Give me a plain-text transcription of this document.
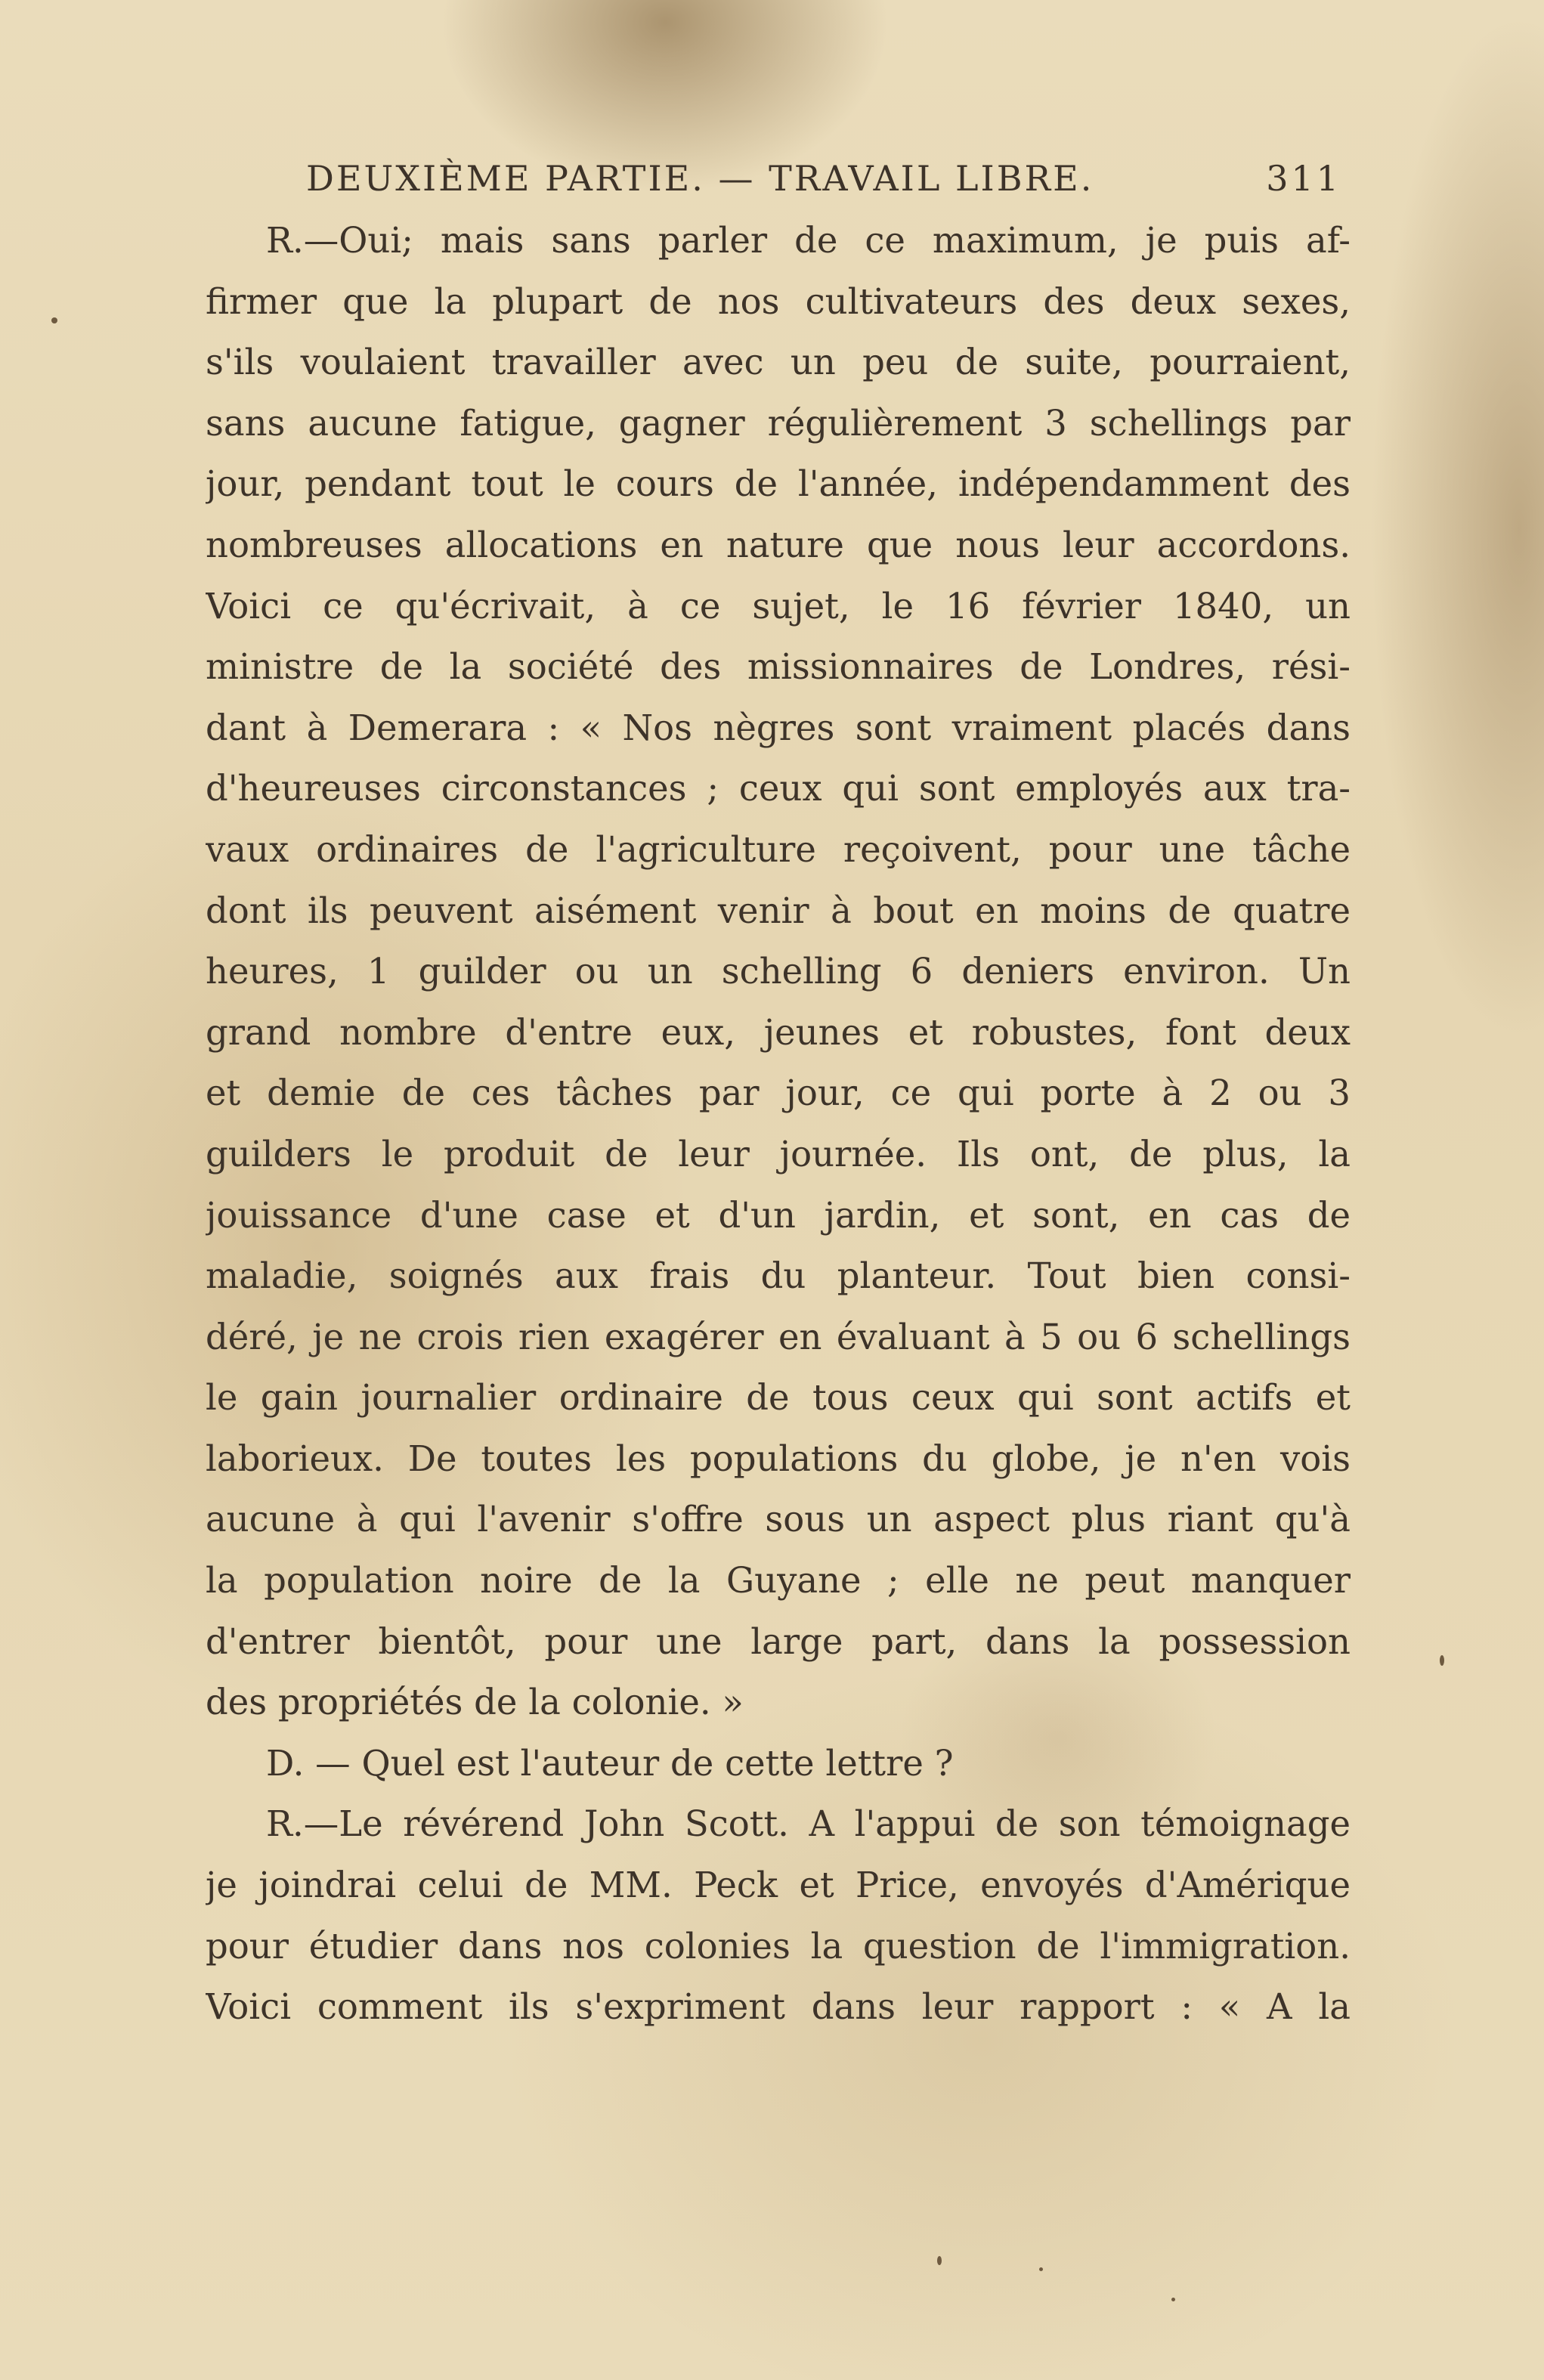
DEUXIÈME PARTIE. — TRAVAIL LIBRE.	311
R.—Oui; mais sans parler de ce maximum, je puis af-
firmer que la plupart de nos cultivateurs des deux sexes,
s'ils voulaient travailler avec un peu de suite, pourraient,
sans aucune fatigue, gagner régulièrement 3 schellings par
jour, pendant tout le cours de l'année, indépendamment des
nombreuses allocations en nature que nous leur accordons.
Voici ce qu'écrivait, à ce sujet, le 16 février 1840, un
ministre de la société des missionnaires de Londres, rési-
dant à Demerara : « Nos nègres sont vraiment placés dans
d'heureuses circonstances ; ceux qui sont employés aux tra-
vaux ordinaires de l'agriculture reçoivent, pour une tâche
dont ils peuvent aisément venir à bout en moins de quatre
heures, 1 guilder ou un schelling 6 deniers environ. Un
grand nombre d'entre eux, jeunes et robustes, font deux
et demie de ces tâches par jour, ce qui porte à 2 ou 3
guilders le produit de leur journée. Ils ont, de plus, la
jouissance d'une case et d'un jardin, et sont, en cas de
maladie, soignés aux frais du planteur. Tout bien consi-
déré, je ne crois rien exagérer en évaluant à 5 ou 6 schellings
le gain journalier ordinaire de tous ceux qui sont actifs et
laborieux. De toutes les populations du globe, je n'en vois
aucune à qui l'avenir s'offre sous un aspect plus riant qu'à
la population noire de la Guyane ; elle ne peut manquer
d'entrer bientôt, pour une large part, dans la possession
des propriétés de la colonie. »
D. — Quel est l'auteur de cette lettre ?
R.—Le révérend John Scott. A l'appui de son témoignage
je joindrai celui de MM. Peck et Price, envoyés d'Amérique
pour étudier dans nos colonies la question de l'immigration.
Voici comment ils s'expriment dans leur rapport : « A la
